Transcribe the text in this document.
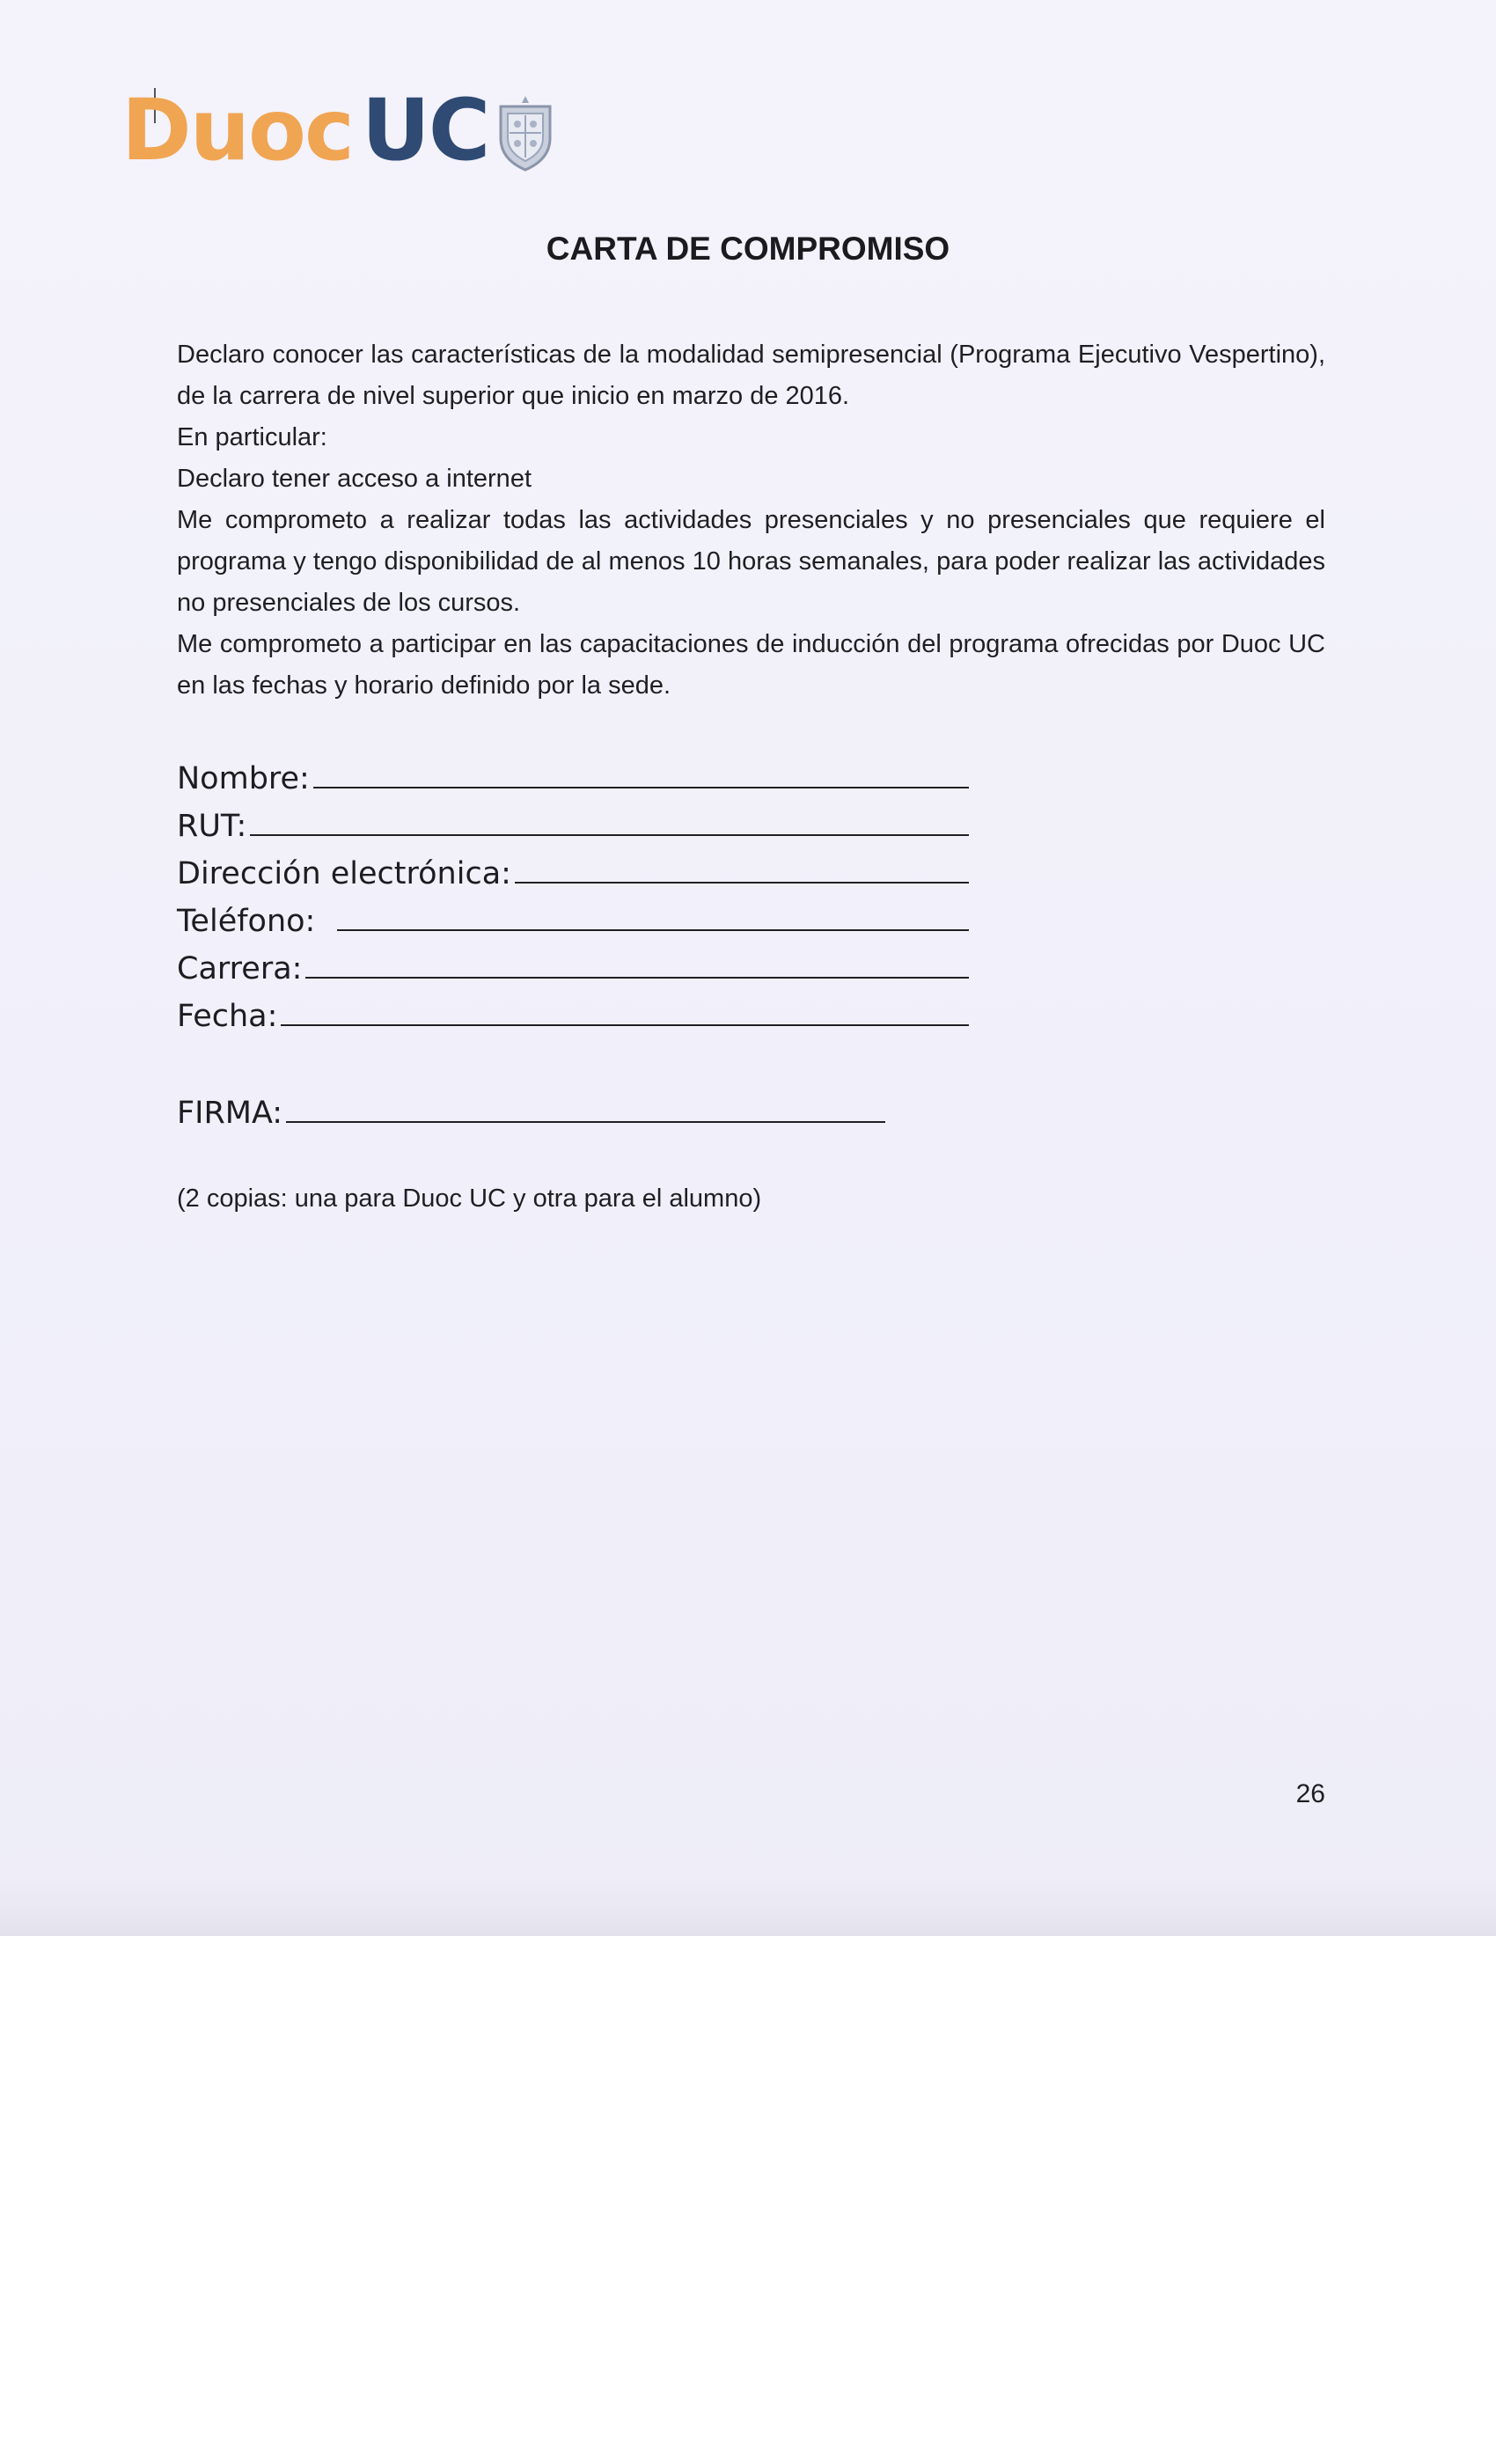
Duoc UC
CARTA DE COMPROMISO

Declaro conocer las características de la modalidad semipresencial (Programa Ejecutivo Vespertino), de la carrera de nivel superior que inicio en marzo de 2016.

En particular:

Declaro tener acceso a internet

Me comprometo a realizar todas las actividades presenciales y no presenciales que requiere el programa y tengo disponibilidad de al menos 10 horas semanales, para poder realizar las actividades no presenciales de los cursos.

Me comprometo a participar en las capacitaciones de inducción del programa ofrecidas por Duoc UC en las fechas y horario definido por la sede.

Nombre:
RUT:
Dirección electrónica:
Teléfono:
Carrera:
Fecha:
FIRMA:
(2 copias: una para Duoc UC y otra para el alumno)
26
